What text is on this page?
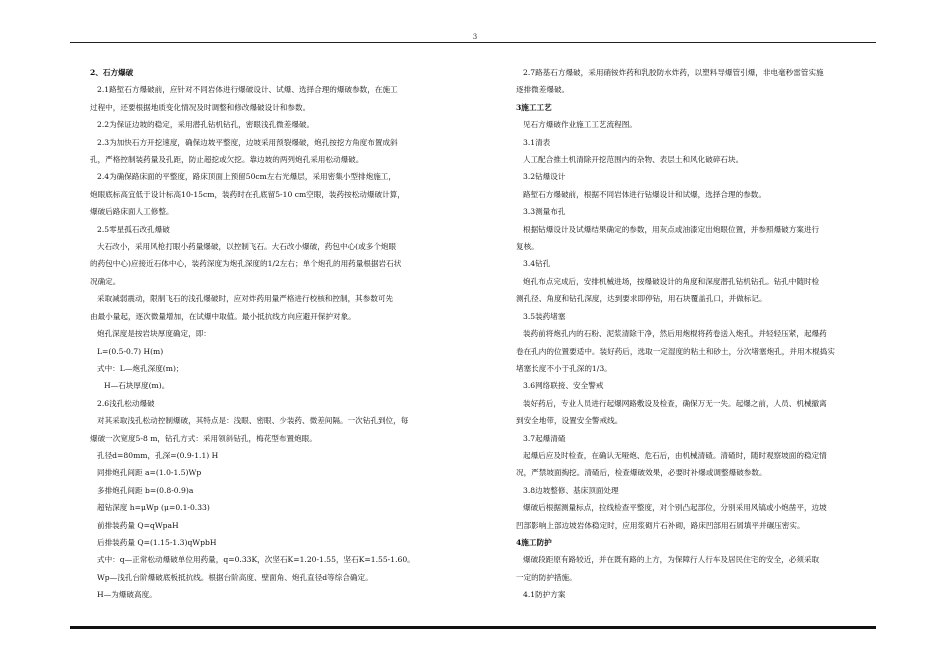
3

2、石方爆破

2.1路堑石方爆破前，应针对不同岩体进行爆破设计、试爆、选择合理的爆破参数，在施工

过程中，还要根据地质变化情况及时调整和修改爆破设计和参数。

2.2为保证边坡的稳定，采用潜孔钻机钻孔，密眼浅孔微差爆破。

2.3为加快石方开挖速度，确保边坡平整度，边坡采用预裂爆破，炮孔按挖方角度布置成斜

孔，严格控制装药量及孔距，防止超挖或欠挖。靠边坡的两列炮孔采用松动爆破。

2.4为确保路床面的平整度，路床顶面上预留50cm左右光爆层，采用密集小型排炮施工，

炮眼底标高宜低于设计标高10-15cm，装药时在孔底留5-10 cm空眼，装药按松动爆破计算，

爆破后路床面人工修整。

2.5零星孤石改孔爆破

大石改小，采用风枪打眼小药量爆破，以控制飞石。大石改小爆破，药包中心(或多个炮眼

的药包中心)应接近石体中心，装药深度为炮孔深度的1/2左右；单个炮孔的用药量根据岩石状

况确定。

采取减弱震动，限制飞石的浅孔爆破时，应对炸药用量严格进行校核和控制，其参数可先

由最小量起，逐次微量增加，在试爆中取值。最小抵抗线方向应避开保护对象。

炮孔深度是按岩块厚度确定，即：

L=(0.5-0.7) H(m)

式中：L—炮孔深度(m)；

H—石块厚度(m)。

2.6浅孔松动爆破

对其采取浅孔松动控制爆破，其特点是：浅眼、密眼、少装药、微差间隔。一次钻孔到位，每

爆破一次宽度5-8 m，钻孔方式：采用领斜钻孔，梅花型布置炮眼。

孔径d=80mm，孔深=(0.9-1.1) H

同排炮孔间距 a=(1.0-1.5)Wp

多排炮孔间距 b=(0.8-0.9)a

超钻深度 h=μWp (μ=0.1-0.33)

前排装药量 Q=qWpaH

后排装药量 Q=(1.15-1.3)qWpbH

式中：q—正常松动爆破单位用药量，q=0.33K，次坚石K=1.20-1.55，坚石K=1.55-1.60。

Wp—浅孔台阶爆破底板抵抗线。根据台阶高度、壁面角、炮孔直径d等综合确定。

H—为爆破高度。

2.7路基石方爆破，采用硝铵炸药和乳胶防水炸药，以塑料导爆管引爆，非电毫秒雷管实施

逐排微差爆破。

3施工工艺

见石方爆破作业施工工艺流程图。

3.1清表

人工配合推土机清除开挖范围内的杂物、表层土和风化破碎石块。

3.2钻爆设计

路堑石方爆破前，根据不同岩体进行钻爆设计和试爆，选择合理的参数。

3.3测量布孔

根据钻爆设计及试爆结果确定的参数，用灰点或油漆定出炮眼位置，并参照爆破方案进行

复核。

3.4钻孔

炮孔布点完成后，安排机械进场，按爆破设计的角度和深度潜孔钻机钻孔。钻孔中随时检

测孔径、角度和钻孔深度，达到要求即停钻，用石块覆盖孔口，并做标记。

3.5装药堵塞

装药前将炮孔内的石粉、泥浆清除干净，然后用炮棍将药卷送入炮孔，并轻轻压紧，起爆药

卷在孔内的位置要适中。装好药后，选取一定湿度的粘土和砂土，分次堵塞炮孔，并用木棍捣实

堵塞长度不小于孔深的1/3。

3.6网络联接、安全警戒

装好药后，专业人员进行起爆网路敷设及检查，确保万无一失。起爆之前，人员、机械撤离

到安全地带，设置安全警戒线。

3.7起爆清碴

起爆后应及时检查，在确认无哑炮、危石后，由机械清碴。清碴时，随时观察坡面的稳定情

况，严禁坡面掏挖。清碴后，检查爆破效果，必要时补爆或调整爆破参数。

3.8边坡整修、基床顶面处理

爆破后根据测量标点，拉线检查平整度，对个别凸起部位，分别采用风镐或小炮凿平，边坡

凹部影响上部边坡岩体稳定时，应用浆砌片石补砌，路床凹部用石屑填平并碾压密实。

4施工防护

爆破段距原有路较近，并在既有路的上方，为保障行人行车及居民住宅的安全，必须采取

一定的防护措施。

4.1防护方案
